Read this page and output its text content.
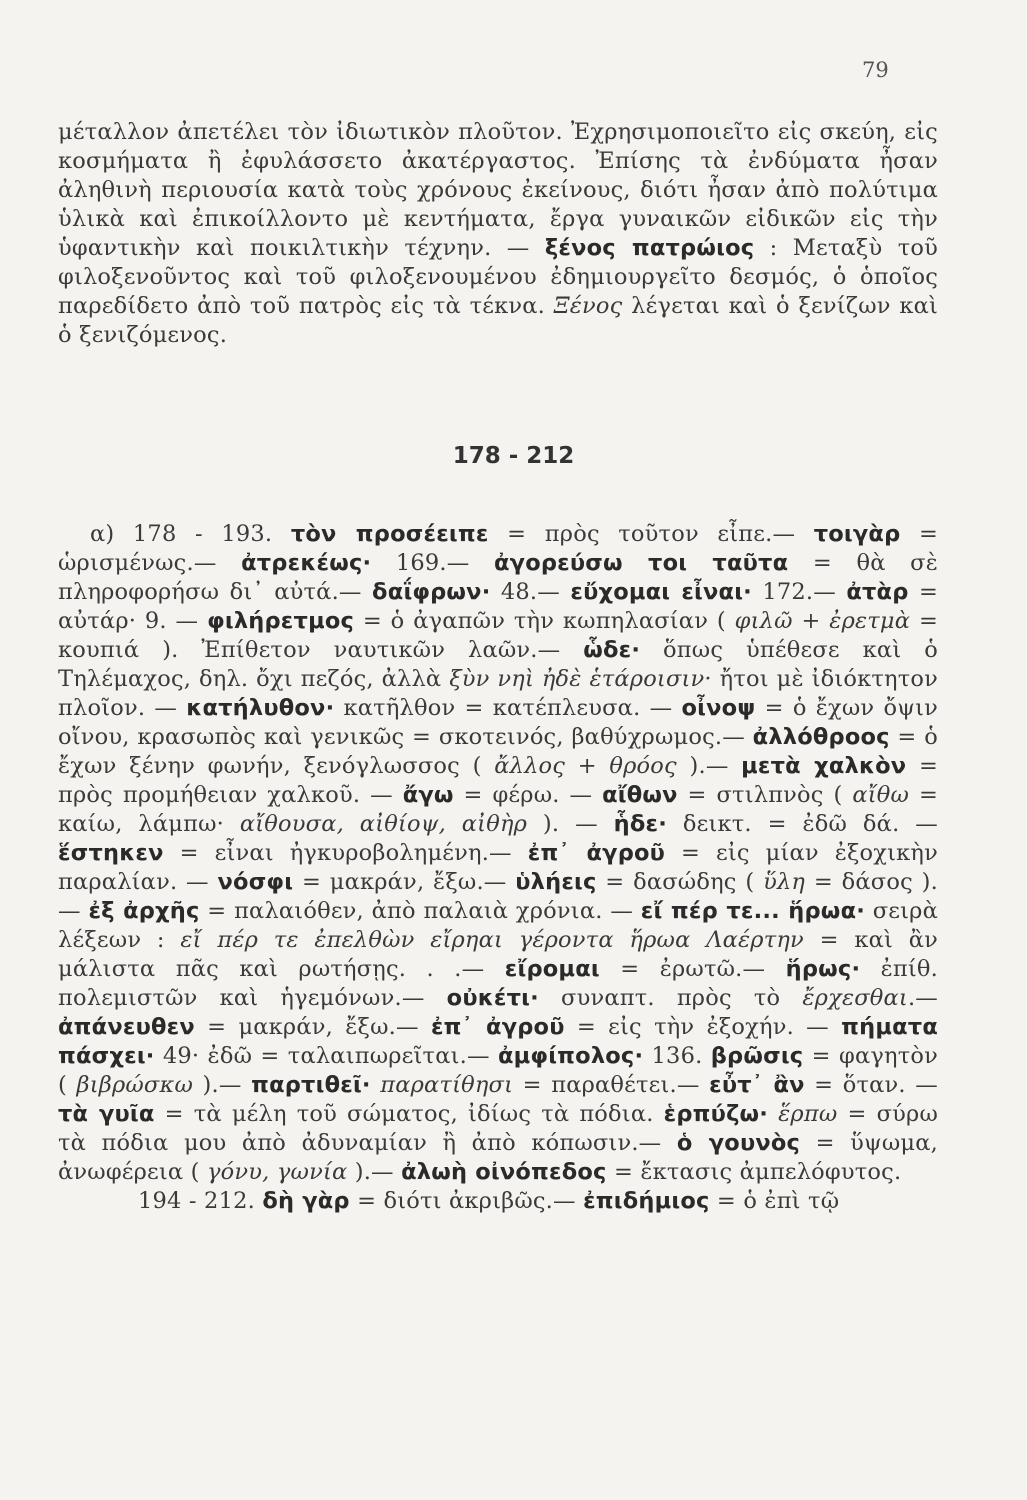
79

μέταλλον ἀπετέλει τὸν ἰδιωτικὸν πλοῦτον. Ἐχρησιμοποιεῖτο εἰς σκεύη, εἰς κοσμήματα ἢ ἐφυλάσσετο ἀκατέργαστος. Ἐπίσης τὰ ἐνδύματα ἦσαν ἀληθινὴ περιουσία κατὰ τοὺς χρόνους ἐκείνους, διότι ἦσαν ἀπὸ πολύτιμα ὑλικὰ καὶ ἐπικοίλλοντο μὲ κεντήματα, ἔργα γυναικῶν εἰδικῶν εἰς τὴν ὑφαντικὴν καὶ ποικιλτικὴν τέχνην. — ξένος πατρώιος : Μεταξὺ τοῦ φιλοξενοῦντος καὶ τοῦ φιλοξενουμένου ἐδημιουργεῖτο δεσμός, ὁ ὁποῖος παρεδίδετο ἀπὸ τοῦ πατρὸς εἰς τὰ τέκνα. Ξένος λέγεται καὶ ὁ ξενίζων καὶ ὁ ξενιζόμενος.

178 - 212

α) 178 - 193. τὸν προσέειπε = πρὸς τοῦτον εἶπε.— τοιγὰρ = ὡρισμένως.— ἀτρεκέως· 169.— ἀγορεύσω τοι ταῦτα = θὰ σὲ πληροφορήσω δι᾽ αὐτά.— δαΐφρων· 48.— εὔχομαι εἶναι· 172.— ἀτὰρ = αὐτάρ· 9. — φιλήρετμος = ὁ ἀγαπῶν τὴν κωπηλασίαν ( φιλῶ + ἐρετμὰ = κουπιά ). Ἐπίθετον ναυτικῶν λαῶν.— ὧδε· ὅπως ὑπέθεσε καὶ ὁ Τηλέμαχος, δηλ. ὄχι πεζός, ἀλλὰ ξὺν νηὶ ἠδὲ ἑτάροισιν· ἤτοι μὲ ἰδιόκτητον πλοῖον. — κατήλυθον· κατῆλθον = κατέπλευσα. — οἶνοψ = ὁ ἔχων ὄψιν οἴνου, κρασωπὸς καὶ γενικῶς = σκοτεινός, βαθύχρωμος.— ἀλλόθροος = ὁ ἔχων ξένην φωνήν, ξενόγλωσσος ( ἄλλος + θρόος ).— μετὰ χαλκὸν = πρὸς προμήθειαν χαλκοῦ. — ἄγω = φέρω. — αἴθων = στιλπνὸς ( αἴθω = καίω, λάμπω· αἴθουσα, αἰθίοψ, αἰθὴρ ). — ἧδε· δεικτ. = ἐδῶ δά. — ἕστηκεν = εἶναι ἠγκυροβολημένη.— ἐπ᾽ ἀγροῦ = εἰς μίαν ἐξοχικὴν παραλίαν. — νόσφι = μακράν, ἔξω.— ὑλήεις = δασώδης ( ὕλη = δάσος ).— ἐξ ἀρχῆς = παλαιόθεν, ἀπὸ παλαιὰ χρόνια. — εἴ πέρ τε... ἥρωα· σειρὰ λέξεων : εἴ πέρ τε ἐπελθὼν εἴρηαι γέροντα ἥρωα Λαέρτην = καὶ ἂν μάλιστα πᾶς καὶ ρωτήσῃς. . .— εἴρομαι = ἐρωτῶ.— ἥρως· ἐπίθ. πολεμιστῶν καὶ ἡγεμόνων.— οὐκέτι· συναπτ. πρὸς τὸ ἔρχεσθαι.— ἀπάνευθεν = μακράν, ἔξω.— ἐπ᾽ ἀγροῦ = εἰς τὴν ἐξοχήν. — πήματα πάσχει· 49· ἐδῶ = ταλαιπωρεῖται.— ἀμφίπολος· 136. βρῶσις = φαγητὸν ( βιβρώσκω ).— παρτιθεῖ· παρατίθησι = παραθέτει.— εὖτ᾽ ἂν = ὅταν. — τὰ γυῖα = τὰ μέλη τοῦ σώματος, ἰδίως τὰ πόδια. ἑρπύζω· ἕρπω = σύρω τὰ πόδια μου ἀπὸ ἀδυναμίαν ἢ ἀπὸ κόπωσιν.— ὁ γουνὸς = ὕψωμα, ἀνωφέρεια ( γόνυ, γωνία ).— ἀλωὴ οἰνόπεδος = ἔκτασις ἀμπελόφυτος.

194 - 212. δὴ γὰρ = διότι ἀκριβῶς.— ἐπιδήμιος = ὁ ἐπὶ τῷ
